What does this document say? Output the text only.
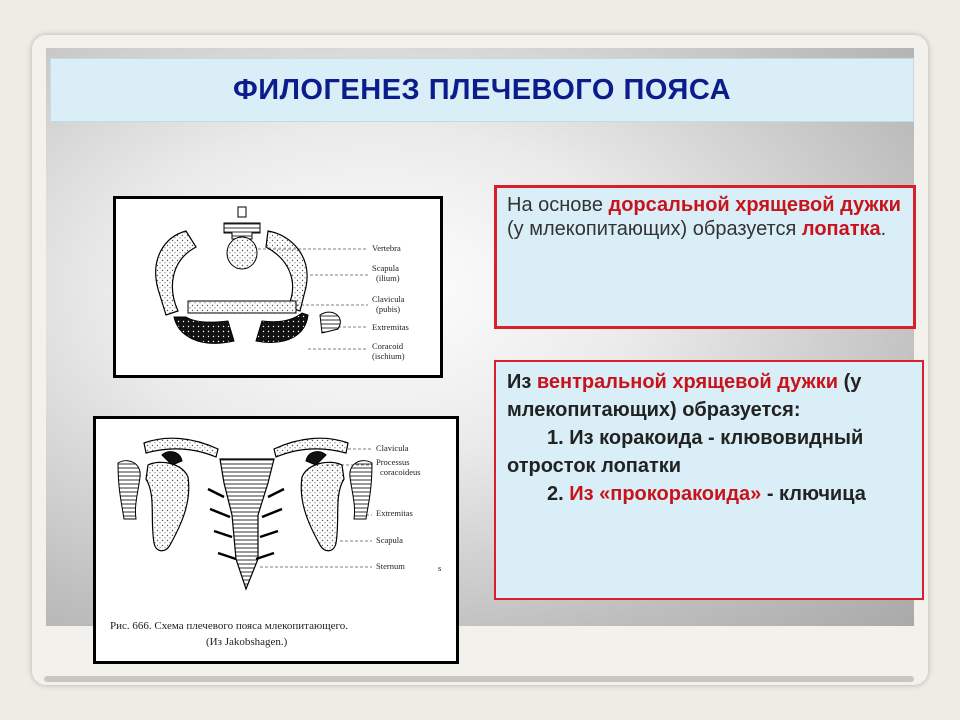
ФИЛОГЕНЕЗ ПЛЕЧЕВОГО ПОЯСА
Vertebra
Scapula
(ilium)
Clavicula
(pubis)
Extremitas
Coracoid
(ischium)
Clavicula
Processus
coracoideus
Extremitas
Scapula
Sternum	s
Рис. 666. Схема плечевого пояса млекопитающего.
(Из Jakobshagen.)
На основе дорсальной хрящевой дужки (у млекопитающих) образуется лопатка.
Из вентральной хрящевой дужки (у млекопитающих) образуется:
1. Из коракоида - клювовидный отросток лопатки
2. Из «прокоракоида» - ключица
